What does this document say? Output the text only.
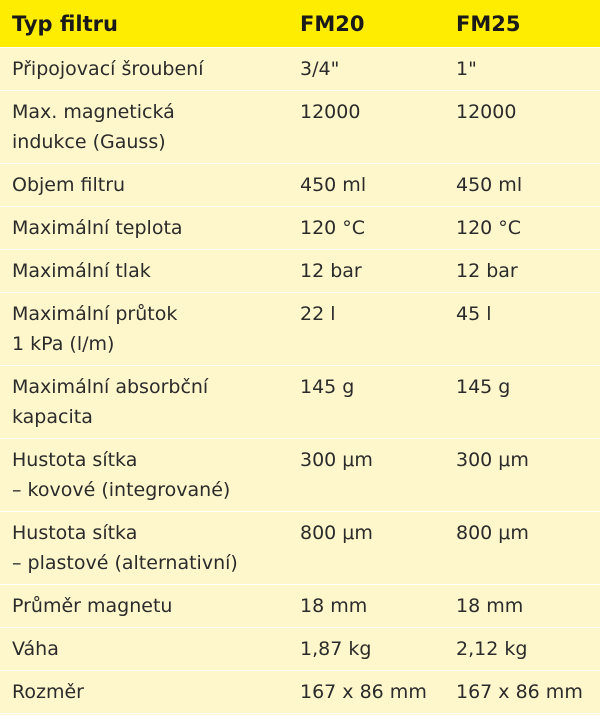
Typ filtru	FM20	FM25
Připojovací šroubení	3/4"	1"
Max. magnetická
indukce (Gauss)	12000	12000
Objem filtru	450 ml	450 ml
Maximální teplota	120 °C	120 °C
Maximální tlak	12 bar	12 bar
Maximální průtok
1 kPa (l/m)	22 l	45 l
Maximální absorbční
kapacita	145 g	145 g
Hustota sítka
– kovové (integrované)	300 μm	300 μm
Hustota sítka
– plastové (alternativní)	800 μm	800 μm
Průměr magnetu	18 mm	18 mm
Váha	1,87 kg	2,12 kg
Rozměr	167 x 86 mm	167 x 86 mm
